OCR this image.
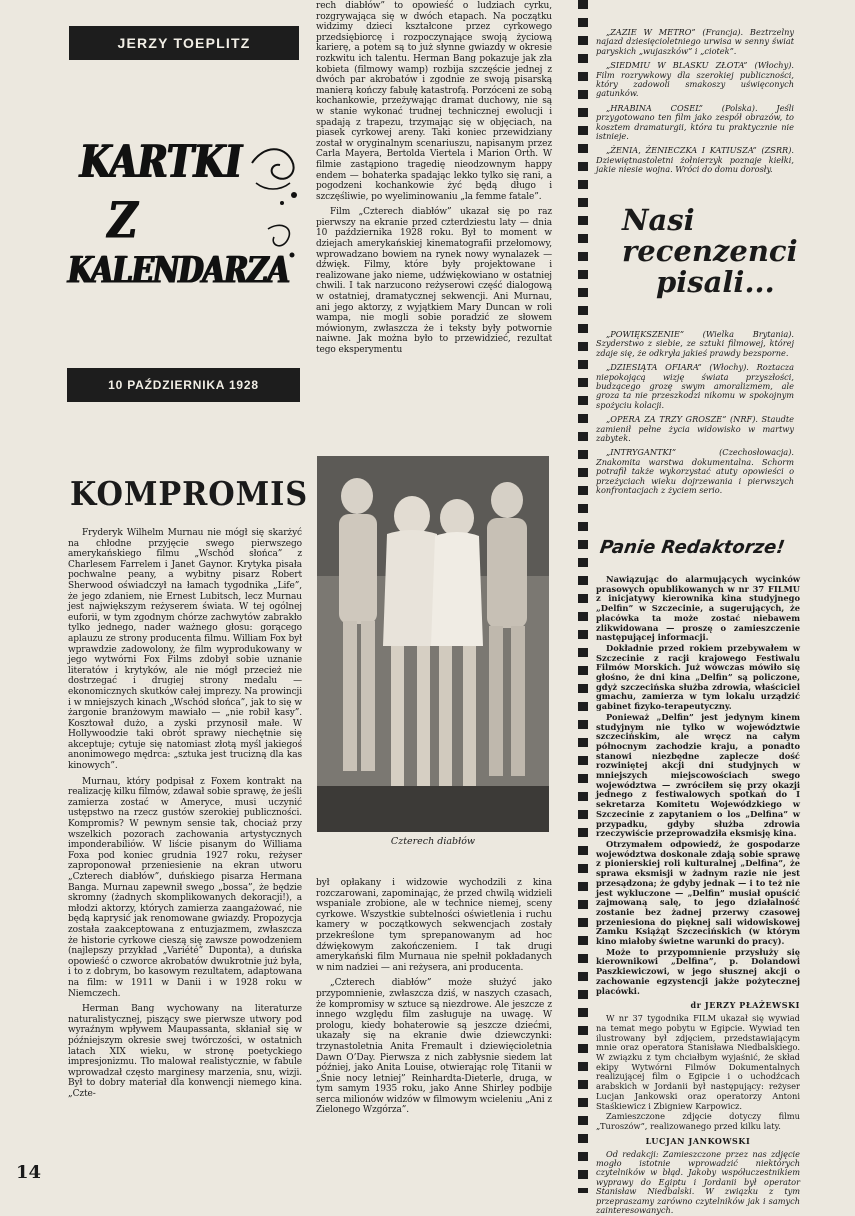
JERZY TOEPLITZ
KARTKI
Z
KALENDARZA
10 PAŹDZIERNIKA 1928
KOMPROMIS

Fryderyk Wilhelm Murnau nie mógł się skarżyć na chłodne przyjęcie swego pierwszego amerykańskiego filmu „Wschód słońca” z Charlesem Farrelem i Janet Gaynor. Krytyka pisała pochwalne peany, a wybitny pisarz Robert Sherwood oświadczył na łamach tygodnika „Life”, że jego zdaniem, nie Ernest Lubitsch, lecz Murnau jest największym reżyserem świata. W tej ogólnej euforii, w tym zgodnym chórze zachwytów zabrakło tylko jednego, nader ważnego głosu: gorącego aplauzu ze strony producenta filmu. William Fox był wprawdzie zadowolony, że film wyprodukowany w jego wytwórni Fox Films zdobył sobie uznanie literatów i krytyków, ale nie mógł przecież nie dostrzegać i drugiej strony medalu — ekonomicznych skutków całej imprezy. Na prowincji i w mniejszych kinach „Wschód słońca”, jak to się w żargonie branżowym mawiało — „nie robił kasy”. Kosztował dużo, a zyski przynosił małe. W Hollywoodzie taki obrót sprawy niechętnie się akceptuje; cytuje się natomiast złotą myśl jakiegoś anonimowego mędrca: „sztuka jest trucizną dla kas kinowych”.

Murnau, który podpisał z Foxem kontrakt na realizację kilku filmów, zdawał sobie sprawę, że jeśli zamierza zostać w Ameryce, musi uczynić ustępstwo na rzecz gustów szerokiej publiczności. Kompromis? W pewnym sensie tak, chociaż przy wszelkich pozorach zachowania artystycznych imponderabiliów. W liście pisanym do Williama Foxa pod koniec grudnia 1927 roku, reżyser zaproponował przeniesienie na ekran utworu „Czterech diabłów”, duńskiego pisarza Hermana Banga. Murnau zapewnił swego „bossa”, że będzie skromny (żadnych skomplikowanych dekoracji!), a młodzi aktorzy, których zamierza zaangażować, nie będą kaprysić jak renomowane gwiazdy. Propozycja została zaakceptowana z entuzjazmem, zwłaszcza że historie cyrkowe cieszą się zawsze powodzeniem (najlepszy przykład „Variété” Duponta), a duńska opowieść o czworce akrobatów dwukrotnie już była, i to z dobrym, bo kasowym rezultatem, adaptowana na film: w 1911 w Danii i w 1928 roku w Niemczech.

Herman Bang wychowany na literaturze naturalistycznej, piszący swe pierwsze utwory pod wyraźnym wpływem Maupassanta, skłaniał się w późniejszym okresie swej twórczości, w ostatnich latach XIX wieku, w stronę poetyckiego impresjonizmu. Tło malował realistycznie, w fabule wprowadzał często marginesy marzenia, snu, wizji. Był to dobry materiał dla konwencji niemego kina. „Czte-

rech diabłów” to opowieść o ludziach cyrku, rozgrywająca się w dwóch etapach. Na początku widzimy dzieci kształcone przez cyrkowego przedsiębiorcę i rozpoczynające swoją życiową karierę, a potem są to już słynne gwiazdy w okresie rozkwitu ich talentu. Herman Bang pokazuje jak zła kobieta (filmowy wamp) rozbija szczęście jednej z dwóch par akrobatów i zgodnie ze swoją pisarską manierą kończy fabułę katastrofą. Porzóceni ze sobą kochankowie, przeżywając dramat duchowy, nie są w stanie wykonać trudnej technicznej ewolucji i spadają z trapezu, trzymając się w objęciach, na piasek cyrkowej areny. Taki koniec przewidziany został w oryginalnym scenariuszu, napisanym przez Carla Mayera, Bertolda Viertela i Marion Orth. W filmie zastąpiono tragedię nieodzownym happy endem — bohaterka spadając lekko tylko się rani, a pogodzeni kochankowie żyć będą długo i szczęśliwie, po wyeliminowaniu „la femme fatale”.

Film „Czterech diabłów” ukazał się po raz pierwszy na ekranie przed czterdziestu laty — dnia 10 października 1928 roku. Był to moment w dziejach amerykańskiej kinematografii przełomowy, wprowadzano bowiem na rynek nowy wynalazek — dźwięk. Filmy, które były projektowane i realizowane jako nieme, udźwiękowiano w ostatniej chwili. I tak narzucono reżyserowi część dialogową w ostatniej, dramatycznej sekwencji. Ani Murnau, ani jego aktorzy, z wyjątkiem Mary Duncan w roli wampa, nie mogli sobie poradzić ze słowem mówionym, zwłaszcza że i teksty były potwornie naiwne. Jak można było to przewidzieć, rezultat tego eksperymentu

Czterech diabłów

był opłakany i widzowie wychodzili z kina rozczarowani, zapominając, że przed chwilą widzieli wspaniale zrobione, ale w technice niemej, sceny cyrkowe. Wszystkie subtelności oświetlenia i ruchu kamery w początkowych sekwencjach zostały przekreślone tym sprepanowanym ad hoc dźwiękowym zakończeniem. I tak drugi amerykański film Murnaua nie spełnił pokładanych w nim nadziei — ani reżysera, ani producenta.

„Czterech diabłów” może służyć jako przypomnienie, zwłaszcza dziś, w naszych czasach, że kompromisy w sztuce są niezdrowe. Ale jeszcze z innego względu film zasługuje na uwagę. W prologu, kiedy bohaterowie są jeszcze dziećmi, ukazały się na ekranie dwie dziewczynki: trzynastoletnia Anita Fremault i dziewięcioletnia Dawn O’Day. Pierwsza z nich zabłysnie siedem lat później, jako Anita Louise, otwierając rolę Titanii w „Śnie nocy letniej” Reinhardta-Dieterle, druga, w tym samym 1935 roku, jako Anne Shirley podbije serca milionów widzów w filmowym wcieleniu „Ani z Zielonego Wzgórza”.

„ZAZIE W METRO” (Francja). Beztrzelny najazd dziesięcioletniego urwisa w senny świat paryskich „wujaszków” i „ciotek”.

„SIEDMIU W BLASKU ZŁOTA” (Włochy). Film rozrywkowy dla szerokiej publiczności, który zadowoli smakoszy uświęconych gatunków.

„HRABINA COSEL” (Polska). Jeśli przygotowano ten film jako zespół obrazów, to kosztem dramaturgii, która tu praktycznie nie istnieje.

„ŻENIA, ŻENIECZKA I KATIUSZA” (ZSRR). Dziewiętnastoletni żołnierzyk poznaje kiełki, jakie niesie wojna. Wróci do domu dorosły.

Nasi
recenzenci
pisali...

„POWIĘKSZENIE” (Wielka Brytania). Szyderstwo z siebie, ze sztuki filmowej, której zdaje się, że odkryła jakieś prawdy bezsporne.

„DZIESIĄTA OFIARA” (Włochy). Roztacza niepokojącą wizję świata przyszłości, budzącego grozę swym amoralizmem, ale groza ta nie przeszkodzi nikomu w spokojnym spożyciu kolacji.

„OPERA ZA TRZY GROSZE” (NRF). Staudte zamienił pełne życia widowisko w martwy zabytek.

„INTRYGANTKI” (Czechosłowacja). Znakomita warstwa dokumentalna. Schorm potrafił także wykorzystać atuty opowieści o przeżyciach wieku dojrzewania i pierwszych konfrontacjach z życiem serio.

Panie Redaktorze!

Nawiązując do alarmujących wycinków prasowych opublikowanych w nr 37 FILMU z inicjatywy kierownika kina studyjnego „Delfin” w Szczecinie, a sugerujących, że placówka ta może zostać niebawem zlikwidowana — proszę o zamieszczenie następującej informacji.

Dokładnie przed rokiem przebywałem w Szczecinie z racji krajowego Festiwalu Filmów Morskich. Już wówczas mówiło się głośno, że dni kina „Delfin” są policzone, gdyż szczecińska służba zdrowia, właściciel gmachu, zamierza w tym lokalu urządzić gabinet fizyko-terapeutyczny.

Ponieważ „Delfin” jest jedynym kinem studyjnym nie tylko w województwie szczecińskim, ale wręcz na całym północnym zachodzie kraju, a ponadto stanowi niezbędne zaplecze dość rozwiniętej akcji dni studyjnych w mniejszych miejscowościach swego województwa — zwróciłem się przy okazji jednego z festiwalowych spotkań do I sekretarza Komitetu Wojewódzkiego w Szczecinie z zapytaniem o los „Delfina” w przypadku, gdyby służba zdrowia rzeczywiście przeprowadziła eksmisję kina.

Otrzymałem odpowiedź, że gospodarze województwa doskonale zdają sobie sprawę z pionierskiej roli kulturalnej „Delfina”, że sprawa eksmisji w żadnym razie nie jest przesądzona; że gdyby jednak — i to też nie jest wykluczone — „Delfin” musiał opuścić zajmowaną salę, to jego działalność zostanie bez żadnej przerwy czasowej przeniesiona do pięknej sali widowiskowej Zamku Książąt Szczecińskich (w którym kino miałoby świetne warunki do pracy).

Może to przypomnienie przysłuży się kierownikowi „Delfina”, p. Dolandowi Paszkiewiczowi, w jego słusznej akcji o zachowanie egzystencji jakże pożytecznej placówki.

dr JERZY PŁAŻEWSKI

W nr 37 tygodnika FILM ukazał się wywiad na temat mego pobytu w Egipcie. Wywiad ten ilustrowany był zdjęciem, przedstawiającym mnie oraz operatora Stanisława Niedbalskiego. W związku z tym chciałbym wyjaśnić, że skład ekipy Wytwórni Filmów Dokumentalnych realizującej film o Egipcie i o uchodźcach arabskich w Jordanii był następujący: reżyser Lucjan Jankowski oraz operatorzy Antoni Staśkiewicz i Zbigniew Karpowicz.

Zamieszczone zdjęcie dotyczy filmu „Turoszów”, realizowanego przed kilku laty.

LUCJAN JANKOWSKI

Od redakcji: Zamieszczone przez nas zdjęcie mogło istotnie wprowadzić niektórych czytelników w błąd. Jakoby współuczestnikiem wyprawy do Egiptu i Jordanii był operator Stanisław Niedbalski. W związku z tym przepraszamy zarówno czytelników jak i samych zainteresowanych.

14
